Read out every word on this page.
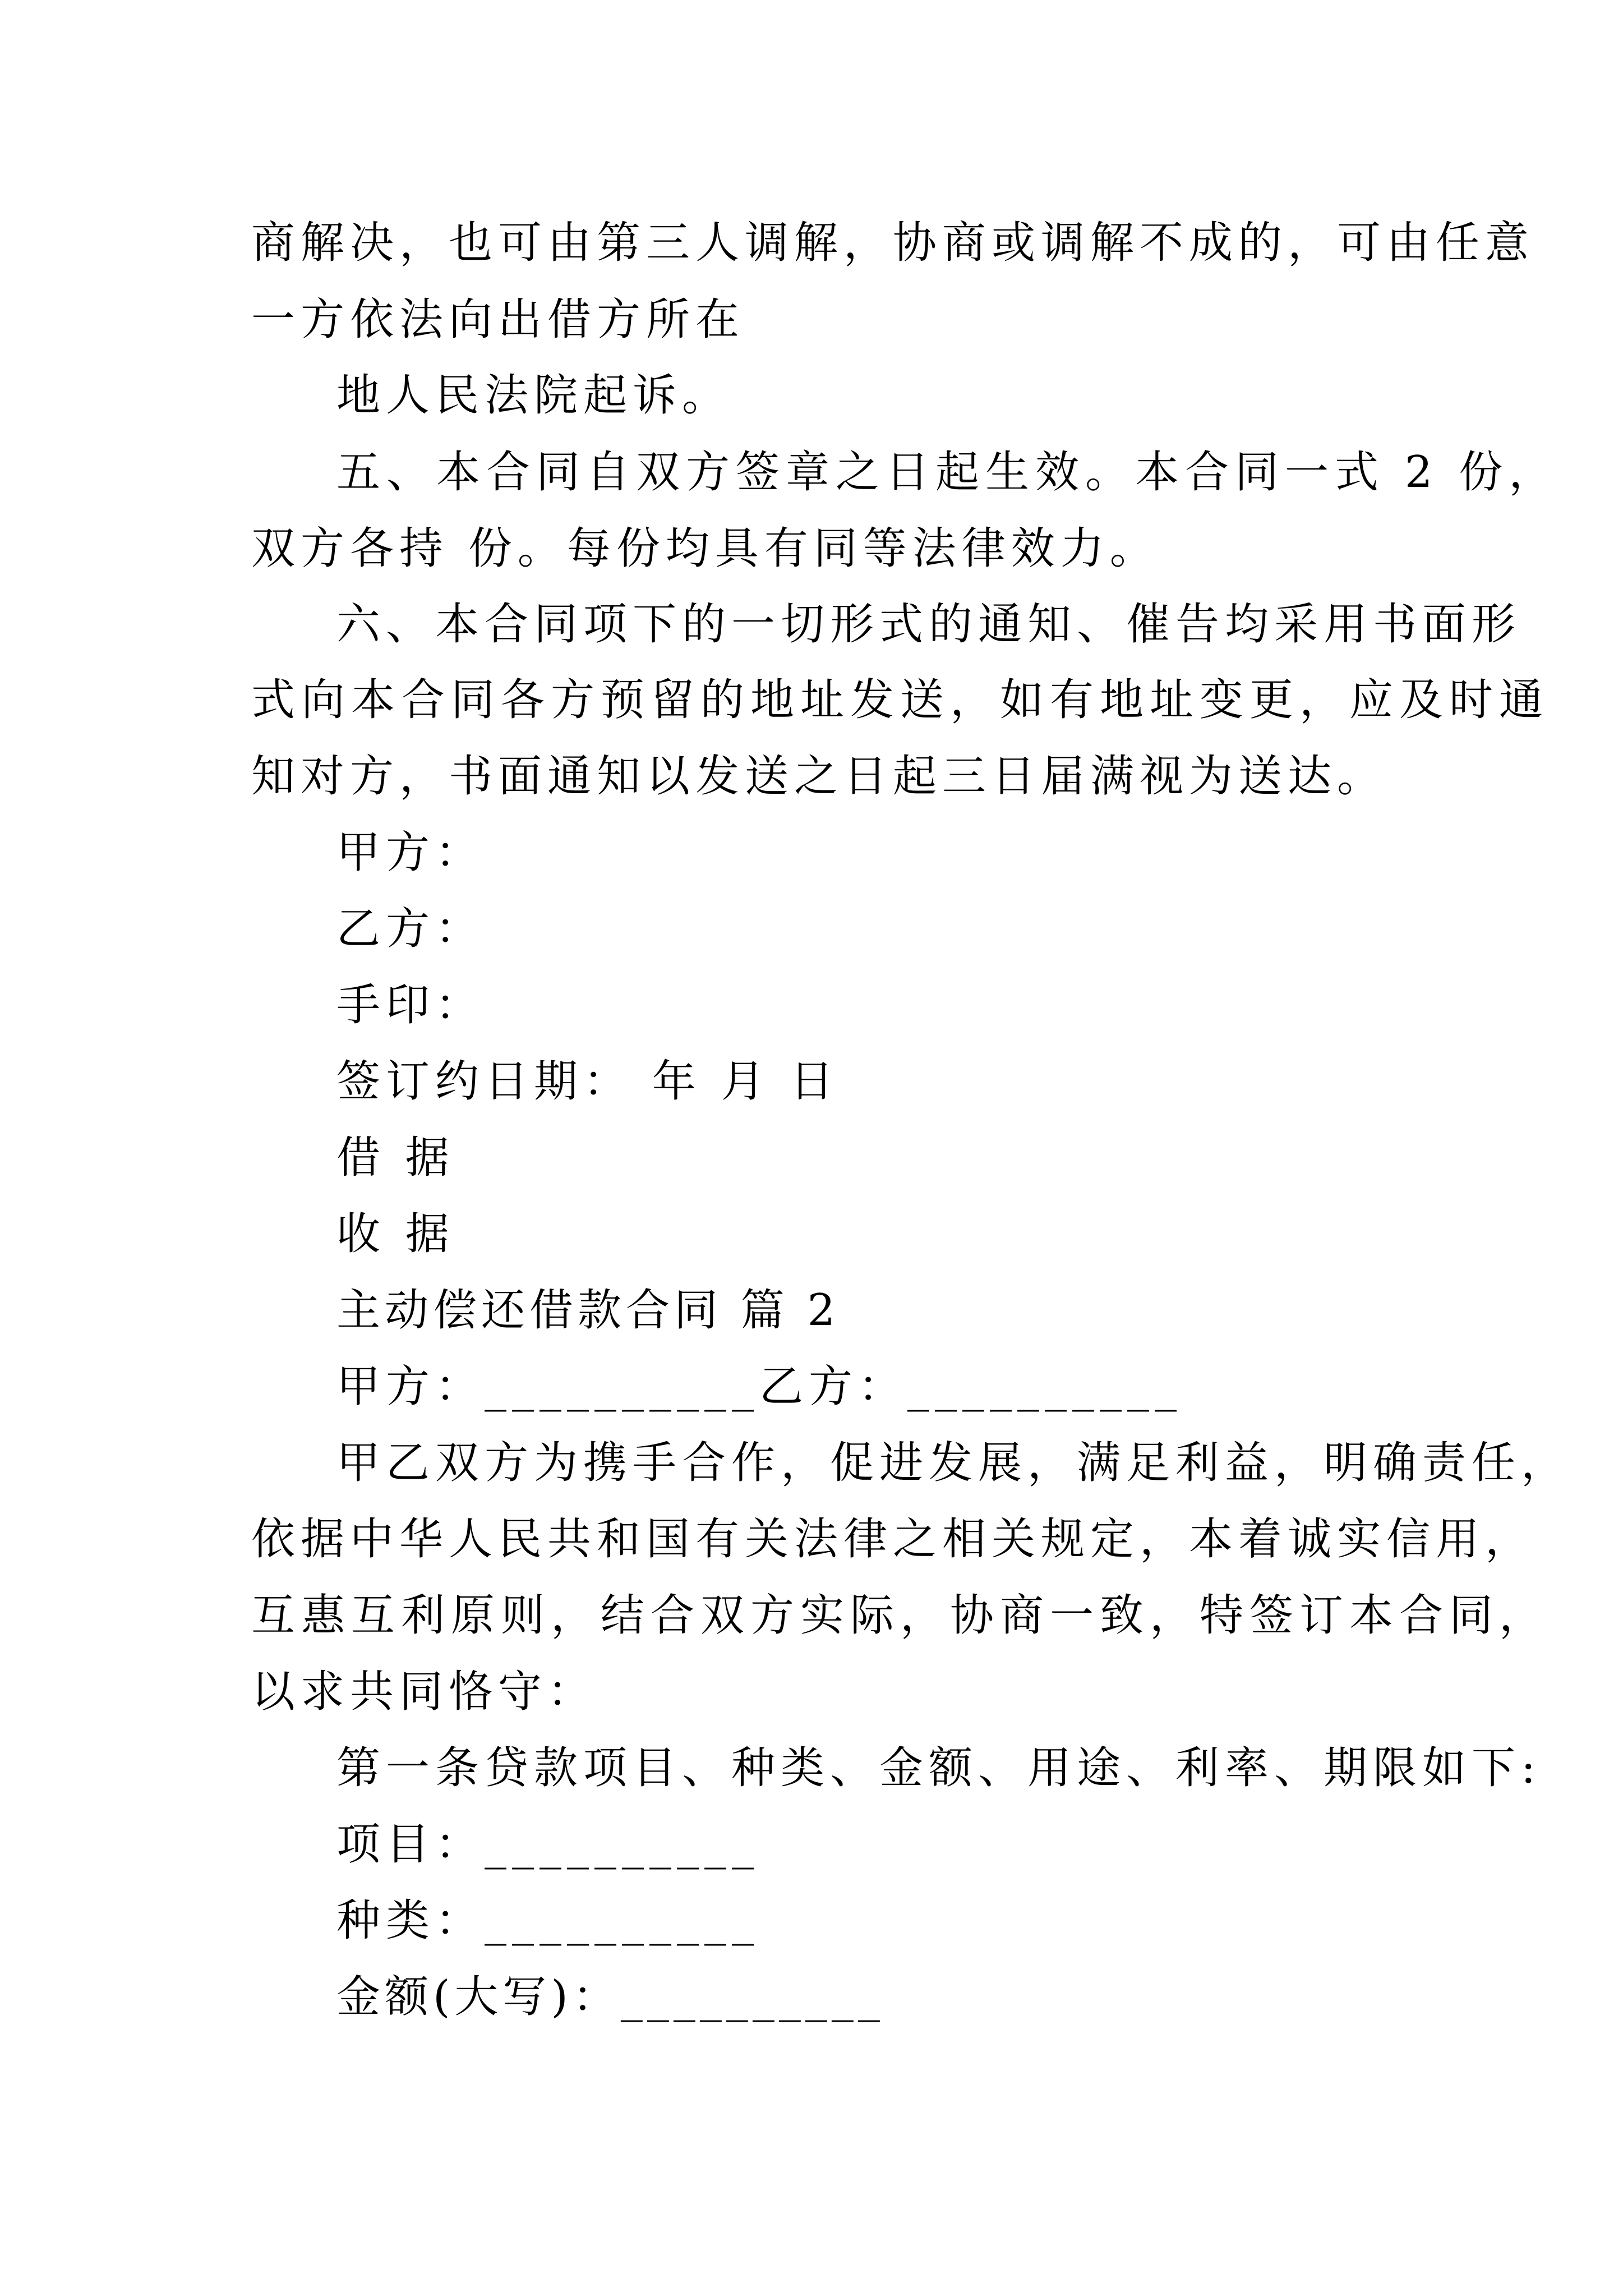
商解决，也可由第三人调解，协商或调解不成的，可由任意
一方依法向出借方所在
地人民法院起诉。
五、本合同自双方签章之日起生效。本合同一式 2 份，
双方各持 份。每份均具有同等法律效力。
六、本合同项下的一切形式的通知、催告均采用书面形
式向本合同各方预留的地址发送，如有地址变更，应及时通
知对方，书面通知以发送之日起三日届满视为送达。
甲方：
乙方：
手印：
签订约日期： 年 月 日
借 据
收 据
主动偿还借款合同 篇 2
甲方：__________乙方：__________
甲乙双方为携手合作，促进发展，满足利益，明确责任，
依据中华人民共和国有关法律之相关规定，本着诚实信用，
互惠互利原则，结合双方实际，协商一致，特签订本合同，
以求共同恪守：
第一条贷款项目、种类、金额、用途、利率、期限如下:
项目：__________
种类：__________
金额(大写)：__________
